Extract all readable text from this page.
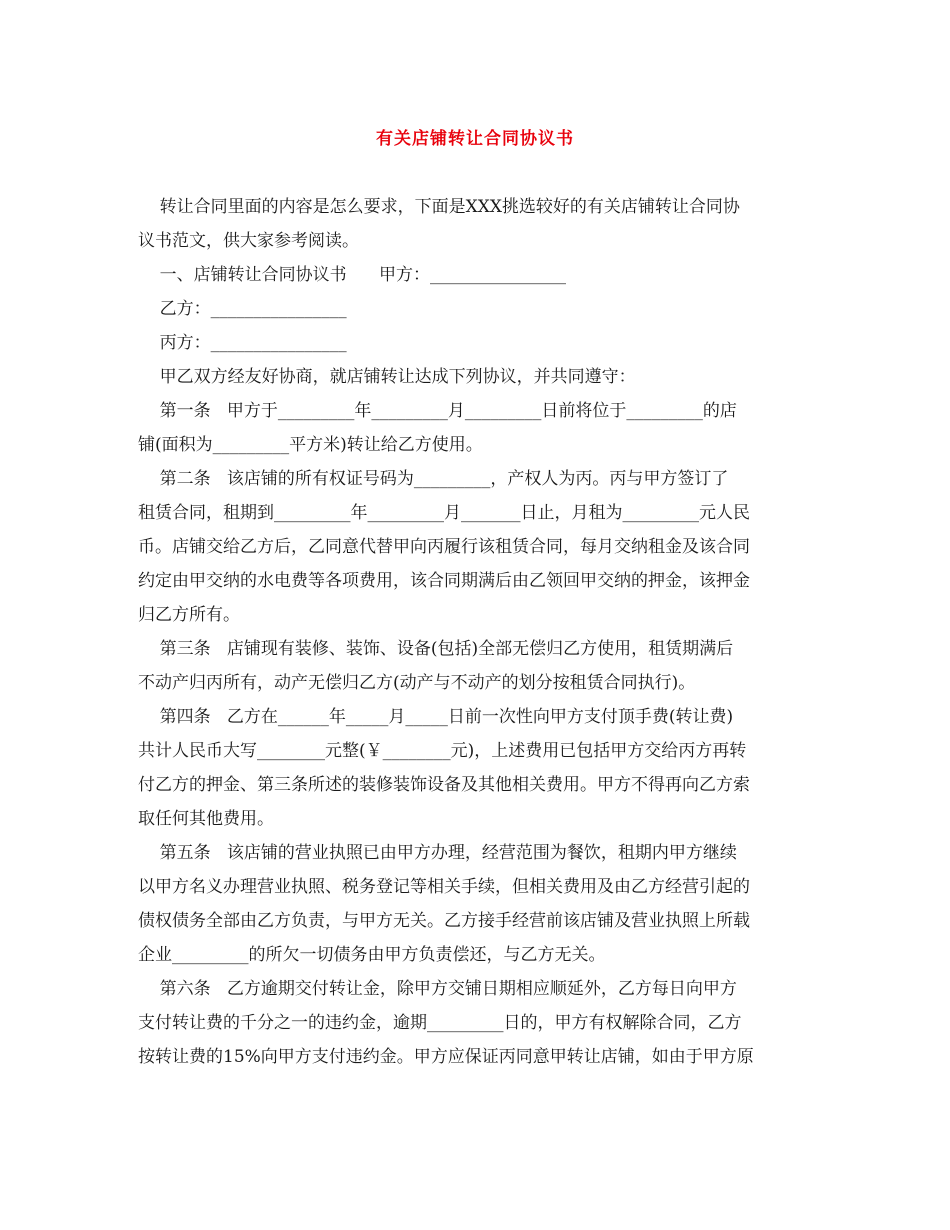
有关店铺转让合同协议书
转让合同里面的内容是怎么要求，下面是XXX挑选较好的有关店铺转让合同协
议书范文，供大家参考阅读。
一、店铺转让合同协议书      甲方：________________
乙方：________________
丙方：________________
甲乙双方经友好协商，就店铺转让达成下列协议，并共同遵守：
第一条   甲方于_________年_________月_________日前将位于_________的店
铺(面积为_________平方米)转让给乙方使用。
第二条   该店铺的所有权证号码为_________，产权人为丙。丙与甲方签订了
租赁合同，租期到_________年_________月_______日止，月租为_________元人民
币。店铺交给乙方后，乙同意代替甲向丙履行该租赁合同，每月交纳租金及该合同
约定由甲交纳的水电费等各项费用，该合同期满后由乙领回甲交纳的押金，该押金
归乙方所有。
第三条   店铺现有装修、装饰、设备(包括)全部无偿归乙方使用，租赁期满后
不动产归丙所有，动产无偿归乙方(动产与不动产的划分按租赁合同执行)。
第四条   乙方在______年_____月_____日前一次性向甲方支付顶手费(转让费)
共计人民币大写________元整(￥________元)，上述费用已包括甲方交给丙方再转
付乙方的押金、第三条所述的装修装饰设备及其他相关费用。甲方不得再向乙方索
取任何其他费用。
第五条   该店铺的营业执照已由甲方办理，经营范围为餐饮，租期内甲方继续
以甲方名义办理营业执照、税务登记等相关手续，但相关费用及由乙方经营引起的
债权债务全部由乙方负责，与甲方无关。乙方接手经营前该店铺及营业执照上所载
企业_________的所欠一切债务由甲方负责偿还，与乙方无关。
第六条   乙方逾期交付转让金，除甲方交铺日期相应顺延外，乙方每日向甲方
支付转让费的千分之一的违约金，逾期_________日的，甲方有权解除合同，乙方
按转让费的15%向甲方支付违约金。甲方应保证丙同意甲转让店铺，如由于甲方原
